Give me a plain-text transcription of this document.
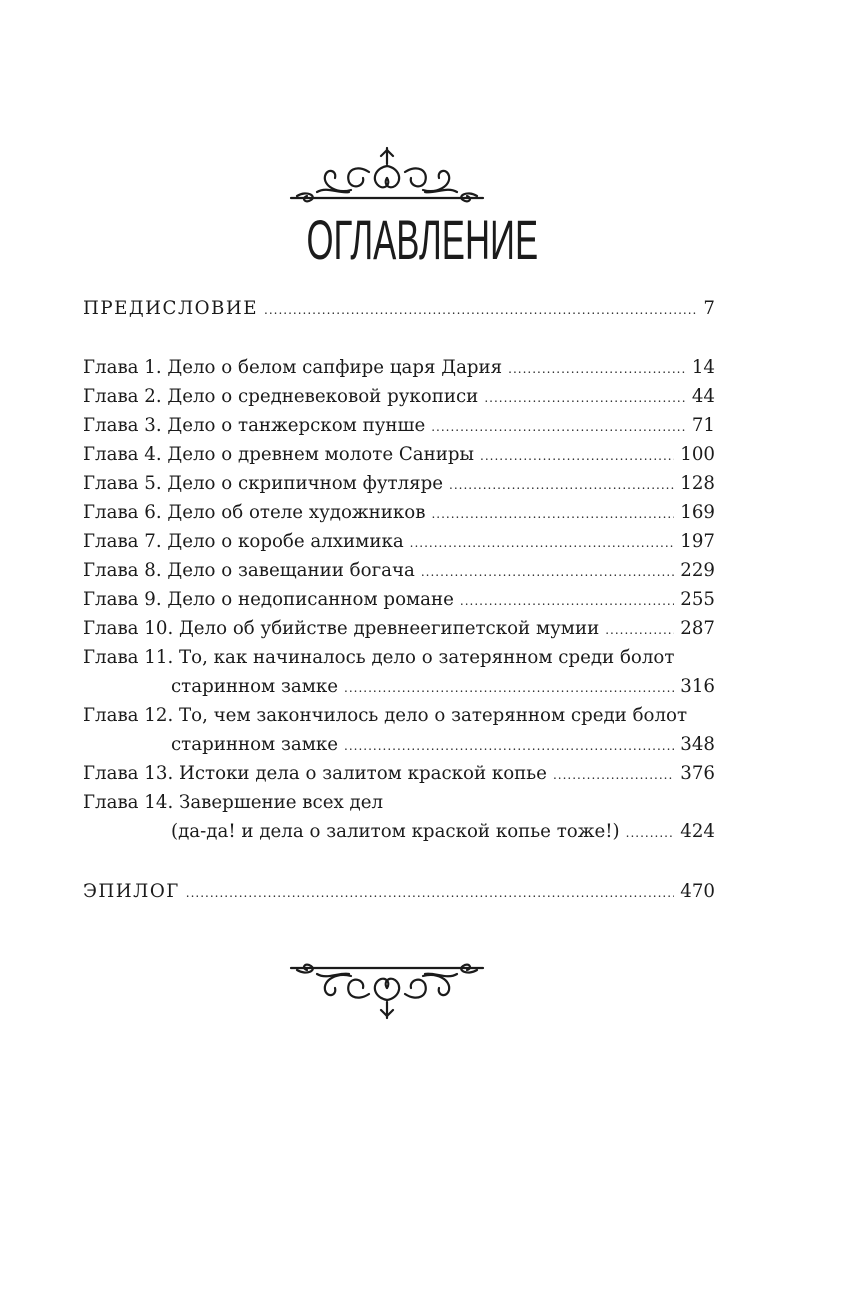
ОГЛАВЛЕНИЕ
ПРЕДИСЛОВИЕ .....	7
Глава 1. Дело о белом сапфире царя Дария .....	14
Глава 2. Дело о средневековой рукописи .....	44
Глава 3. Дело о танжерском пунше .....	71
Глава 4. Дело о древнем молоте Саниры .....	100
Глава 5. Дело о скрипичном футляре .....	128
Глава 6. Дело об отеле художников .....	169
Глава 7. Дело о коробе алхимика .....	197
Глава 8. Дело о завещании богача .....	229
Глава 9. Дело о недописанном романе .....	255
Глава 10. Дело об убийстве древнеегипетской мумии .....	287
Глава 11. То, как начиналось дело о затерянном среди болот
старинном замке .....	316
Глава 12. То, чем закончилось дело о затерянном среди болот
старинном замке .....	348
Глава 13. Истоки дела о залитом краской копье .....	376
Глава 14. Завершение всех дел
(да-да! и дела о залитом краской копье тоже!) .....	424
ЭПИЛОГ .....	470
